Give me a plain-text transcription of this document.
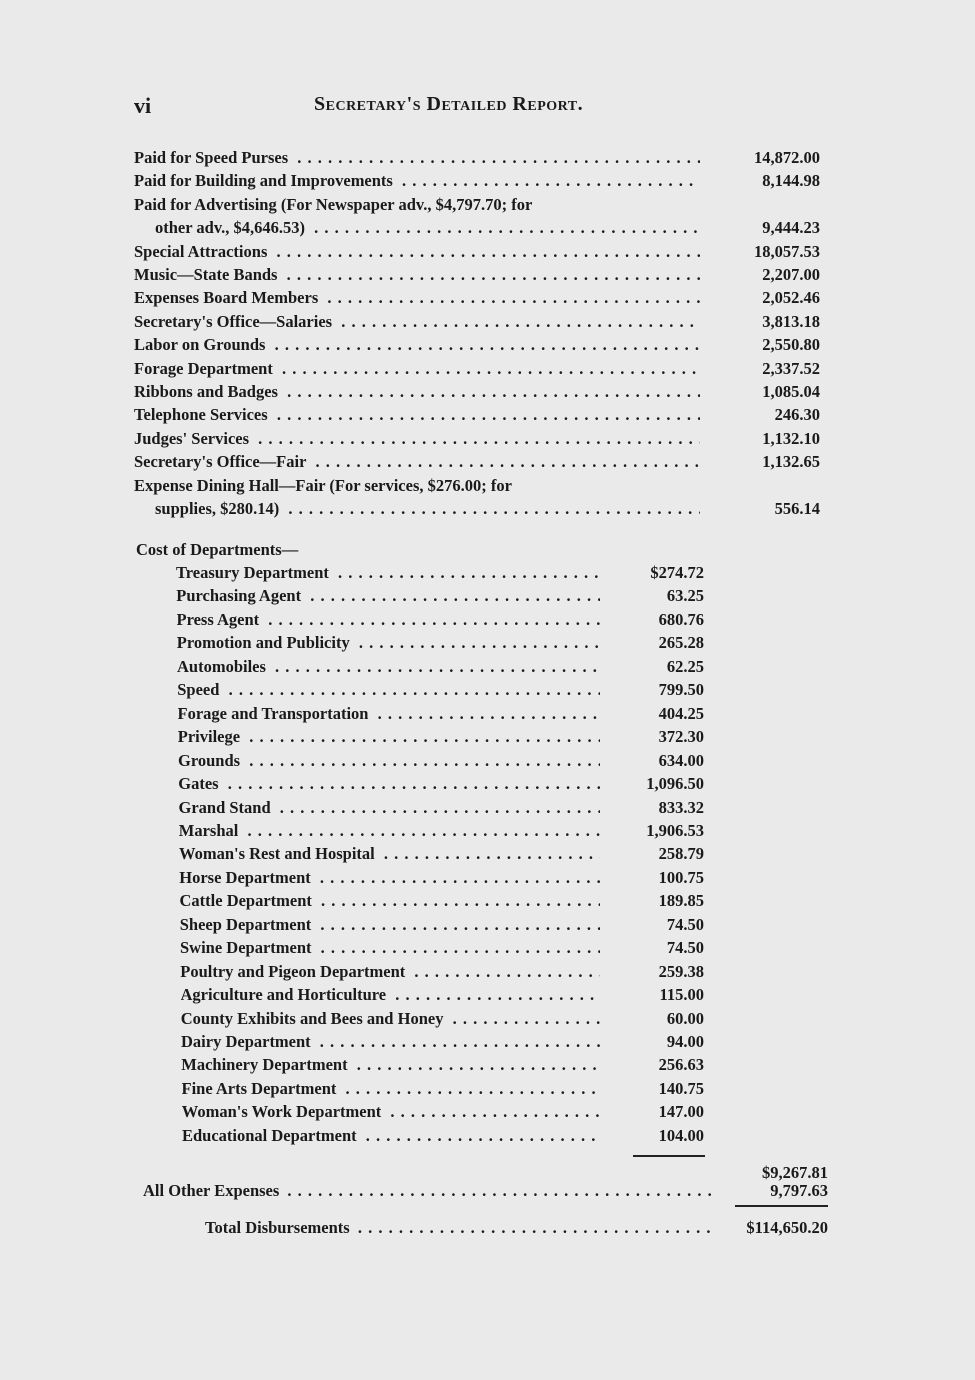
vi	Secretary's Detailed Report.
Paid for Speed Purses . . .	14,872.00
Paid for Building and Improvements . . .	8,144.98
Paid for Advertising (For Newspaper adv., $4,797.70; for
other adv., $4,646.53) . . .	9,444.23
Special Attractions . . .	18,057.53
Music—State Bands . . .	2,207.00
Expenses Board Members . . .	2,052.46
Secretary's Office—Salaries . . .	3,813.18
Labor on Grounds . . .	2,550.80
Forage Department . . .	2,337.52
Ribbons and Badges . . .	1,085.04
Telephone Services . . .	246.30
Judges' Services . . .	1,132.10
Secretary's Office—Fair . . .	1,132.65
Expense Dining Hall—Fair (For services, $276.00; for
supplies, $280.14) . . .	556.14
Treasury Department . . .	$274.72
Purchasing Agent . . .	63.25
Press Agent . . .	680.76
Promotion and Publicity . . .	265.28
Automobiles . . .	62.25
Speed . . .	799.50
Forage and Transportation . . .	404.25
Privilege . . .	372.30
Grounds . . .	634.00
Gates . . .	1,096.50
Grand Stand . . .	833.32
Marshal . . .	1,906.53
Woman's Rest and Hospital . . .	258.79
Horse Department . . .	100.75
Cattle Department . . .	189.85
Sheep Department . . .	74.50
Swine Department . . .	74.50
Poultry and Pigeon Department . . .	259.38
Agriculture and Horticulture . . .	115.00
County Exhibits and Bees and Honey . . .	60.00
Dairy Department . . .	94.00
Machinery Department . . .	256.63
Fine Arts Department . . .	140.75
Woman's Work Department . . .	147.00
Educational Department . . .	104.00
Cost of Departments—
$9,267.81
All Other Expenses . . .	9,797.63
Total Disbursements . . .	$114,650.20
